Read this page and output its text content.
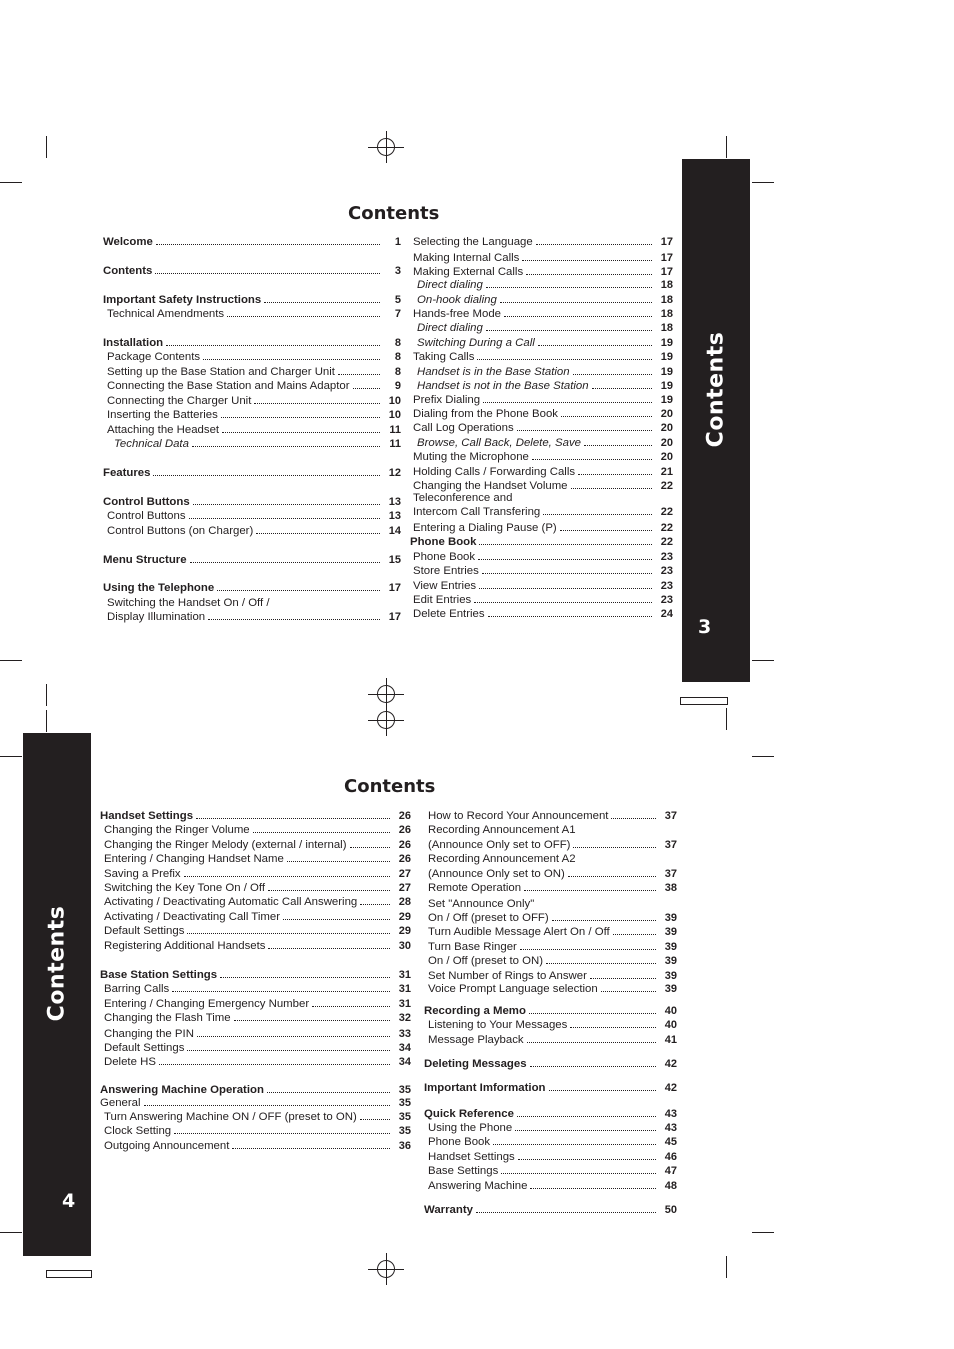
Contents
3
Contents
Welcome	1
Contents	3
Important Safety Instructions	5
Technical Amendments	7
Installation	8
Package Contents	8
Setting up the Base Station and Charger Unit	8
Connecting the Base Station and Mains Adaptor	9
Connecting the Charger Unit	10
Inserting the Batteries	10
Attaching the Headset	11
Technical Data	11
Features	12
Control Buttons	13
Control Buttons	13
Control Buttons (on Charger)	14
Menu Structure	15
Using the Telephone	17
Switching the Handset On / Off /
Display Illumination	17
Selecting the Language	17
Making Internal Calls	17
Making External Calls	17
Direct dialing	18
On-hook dialing	18
Hands-free Mode	18
Direct dialing	18
Switching During a Call	19
Taking Calls	19
Handset is in the Base Station	19
Handset is not in the Base Station	19
Prefix Dialing	19
Dialing from the Phone Book	20
Call Log Operations	20
Browse, Call Back, Delete, Save	20
Muting the Microphone	20
Holding Calls / Forwarding Calls	21
Changing the Handset Volume	22
Teleconference and
Intercom Call Transfering	22
Entering a Dialing Pause (P)	22
Phone Book	22
Phone Book	23
Store Entries	23
View Entries	23
Edit Entries	23
Delete Entries	24
Contents
4
Contents
Handset Settings	26
Changing the Ringer Volume	26
Changing the Ringer Melody (external / internal)	26
Entering / Changing Handset Name	26
Saving a Prefix	27
Switching the Key Tone On / Off	27
Activating / Deactivating Automatic Call Answering	28
Activating / Deactivating Call Timer	29
Default Settings	29
Registering Additional Handsets	30
Base Station Settings	31
Barring Calls	31
Entering / Changing Emergency Number	31
Changing the Flash Time	32
Changing the PIN	33
Default Settings	34
Delete HS	34
Answering Machine Operation	35
General	35
Turn Answering Machine ON / OFF (preset to ON)	35
Clock Setting	35
Outgoing Announcement	36
How to Record Your Announcement	37
Recording Announcement A1
(Announce Only set to OFF)	37
Recording Announcement A2
(Announce Only set to ON)	37
Remote Operation	38
Set "Announce Only"
On / Off (preset to OFF)	39
Turn Audible Message Alert On / Off	39
Turn Base Ringer	39
On / Off (preset to ON)	39
Set Number of Rings to Answer	39
Voice Prompt Language selection	39
Recording a Memo	40
Listening to Your Messages	40
Message Playback	41
Deleting Messages	42
Important Imformation	42
Quick Reference	43
Using the Phone	43
Phone Book	45
Handset Settings	46
Base Settings	47
Answering Machine	48
Warranty	50
